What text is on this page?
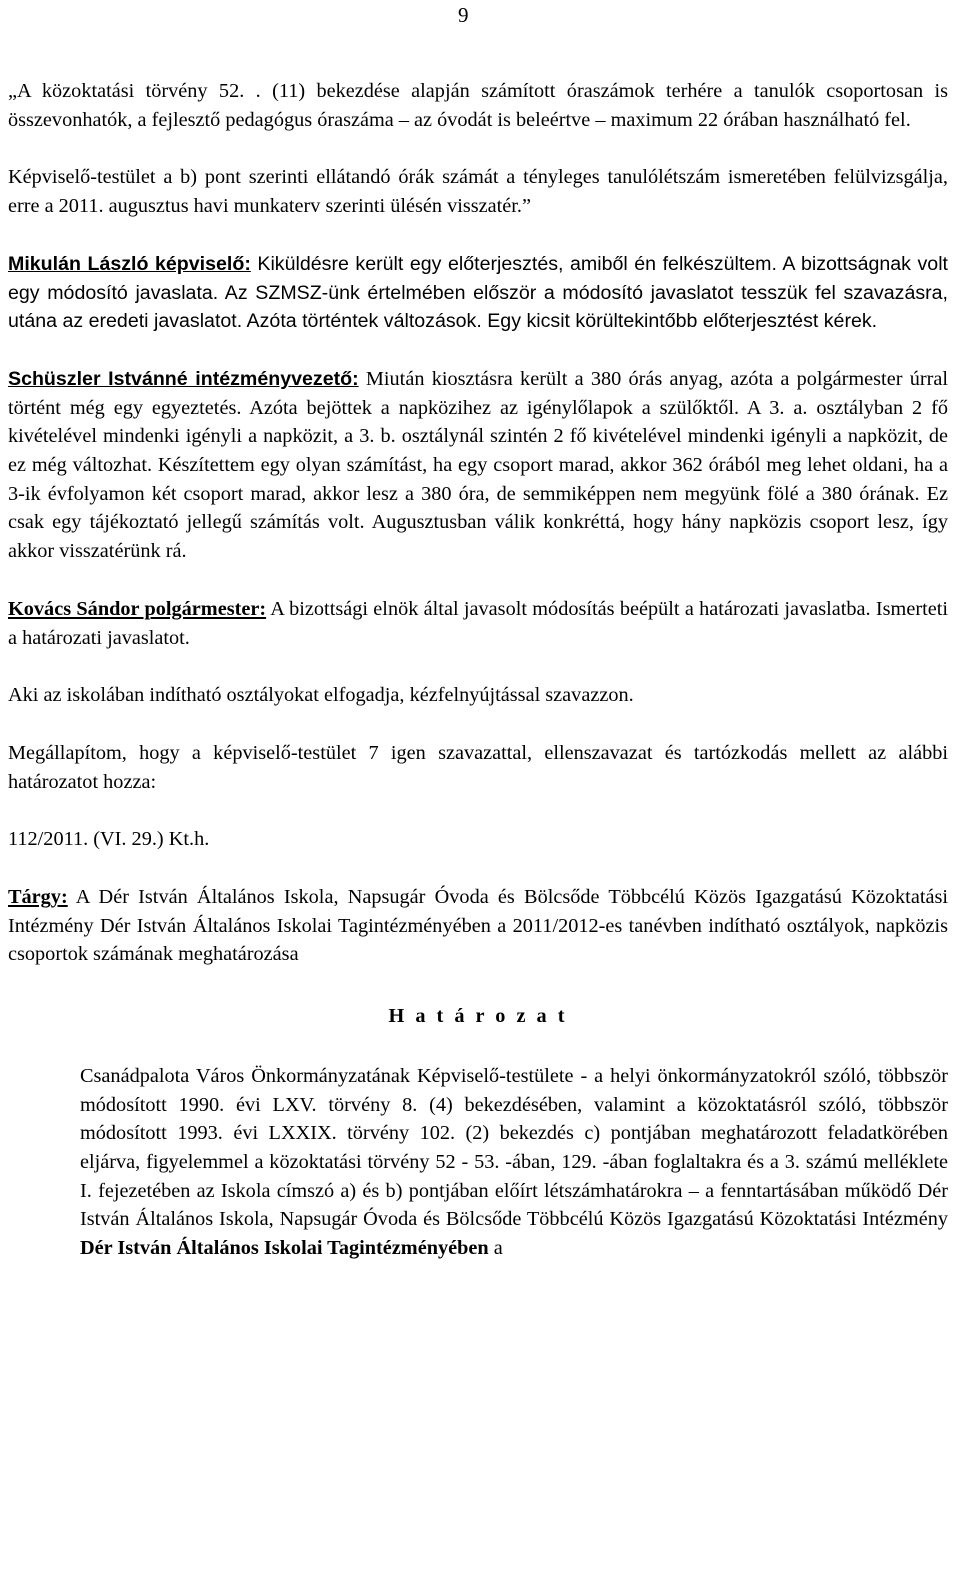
9

„A közoktatási törvény 52. . (11) bekezdése alapján számított óraszámok terhére a tanulók csoportosan is összevonhatók, a fejlesztő pedagógus óraszáma – az óvodát is beleértve – maximum 22 órában használható fel.

Képviselő-testület a b) pont szerinti ellátandó órák számát a tényleges tanulólétszám ismeretében felülvizsgálja, erre a 2011. augusztus havi munkaterv szerinti ülésén visszatér.”

Mikulán László képviselő: Kiküldésre került egy előterjesztés, amiből én felkészültem. A bizottságnak volt egy módosító javaslata. Az SZMSZ-ünk értelmében először a módosító javaslatot tesszük fel szavazásra, utána az eredeti javaslatot. Azóta történtek változások. Egy kicsit körültekintőbb előterjesztést kérek.

Schüszler Istvánné intézményvezető: Miután kiosztásra került a 380 órás anyag, azóta a polgármester úrral történt még egy egyeztetés. Azóta bejöttek a napközihez az igénylőlapok a szülőktől. A 3. a. osztályban 2 fő kivételével mindenki igényli a napközit, a 3. b. osztálynál szintén 2 fő kivételével mindenki igényli a napközit, de ez még változhat. Készítettem egy olyan számítást, ha egy csoport marad, akkor 362 órából meg lehet oldani, ha a 3-ik évfolyamon két csoport marad, akkor lesz a 380 óra, de semmiképpen nem megyünk fölé a 380 órának. Ez csak egy tájékoztató jellegű számítás volt. Augusztusban válik konkréttá, hogy hány napközis csoport lesz, így akkor visszatérünk rá.

Kovács Sándor polgármester: A bizottsági elnök által javasolt módosítás beépült a határozati javaslatba. Ismerteti a határozati javaslatot.

Aki az iskolában indítható osztályokat elfogadja, kézfelnyújtással szavazzon.

Megállapítom, hogy a képviselő-testület 7 igen szavazattal, ellenszavazat és tartózkodás mellett az alábbi határozatot hozza:

112/2011. (VI. 29.) Kt.h.

Tárgy: A Dér István Általános Iskola, Napsugár Óvoda és Bölcsőde Többcélú Közös Igazgatású Közoktatási Intézmény Dér István Általános Iskolai Tagintézményében a 2011/2012-es tanévben indítható osztályok, napközis csoportok számának meghatározása

H a t á r o z a t

Csanádpalota Város Önkormányzatának Képviselő-testülete - a helyi önkormányzatokról szóló, többször módosított 1990. évi LXV. törvény 8. (4) bekezdésében, valamint a közoktatásról szóló, többször módosított 1993. évi LXXIX. törvény 102. (2) bekezdés c) pontjában meghatározott feladatkörében eljárva, figyelemmel a közoktatási törvény 52 - 53. -ában, 129. -ában foglaltakra és a 3. számú melléklete I. fejezetében az Iskola címszó a) és b) pontjában előírt létszámhatárokra – a fenntartásában működő Dér István Általános Iskola, Napsugár Óvoda és Bölcsőde Többcélú Közös Igazgatású Közoktatási Intézmény Dér István Általános Iskolai Tagintézményében a
